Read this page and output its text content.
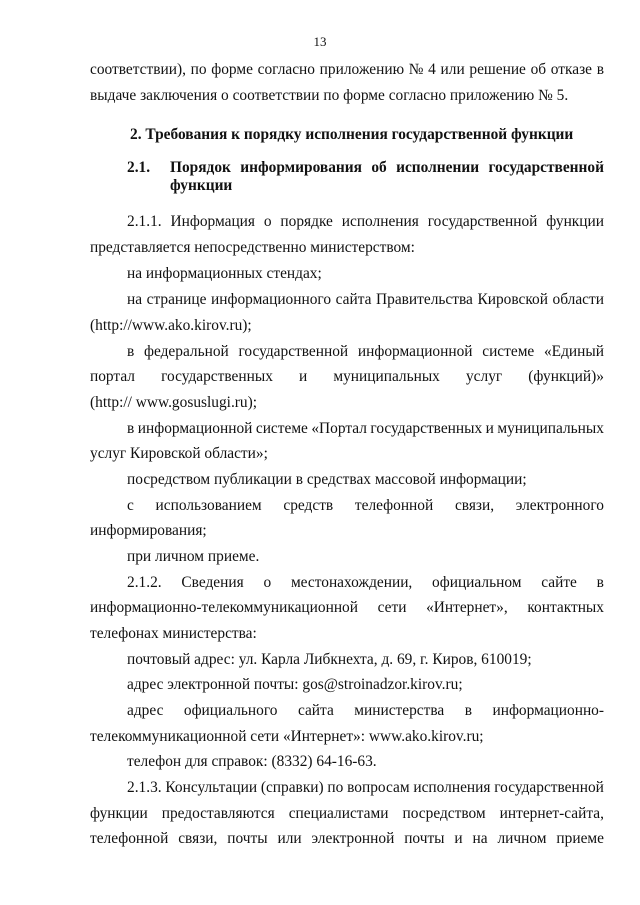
13
соответствии), по форме согласно приложению № 4 или решение об отказе в
выдаче заключения о соответствии по форме согласно приложению № 5.
2. Требования к порядку исполнения государственной функции
2.1. Порядок информирования об исполнении государственной
функции
2.1.1. Информация о порядке исполнения государственной функции
представляется непосредственно министерством:
на информационных стендах;
на странице информационного сайта Правительства Кировской области
(http://www.ako.kirov.ru);
в федеральной государственной информационной системе «Единый
портал государственных и муниципальных услуг (функций)»
(http:// www.gosuslugi.ru);
в информационной системе «Портал государственных и муниципальных
услуг Кировской области»;
посредством публикации в средствах массовой информации;
с использованием средств телефонной связи, электронного
информирования;
при личном приеме.
2.1.2. Сведения о местонахождении, официальном сайте в
информационно-телекоммуникационной сети «Интернет», контактных
телефонах министерства:
почтовый адрес: ул. Карла Либкнехта, д. 69, г. Киров, 610019;
адрес электронной почты: gos@stroinadzor.kirov.ru;
адрес официального сайта министерства в информационно-
телекоммуникационной сети «Интернет»: www.ako.kirov.ru;
телефон для справок: (8332) 64-16-63.
2.1.3. Консультации (справки) по вопросам исполнения государственной
функции предоставляются специалистами посредством интернет-сайта,
телефонной связи, почты или электронной почты и на личном приеме
